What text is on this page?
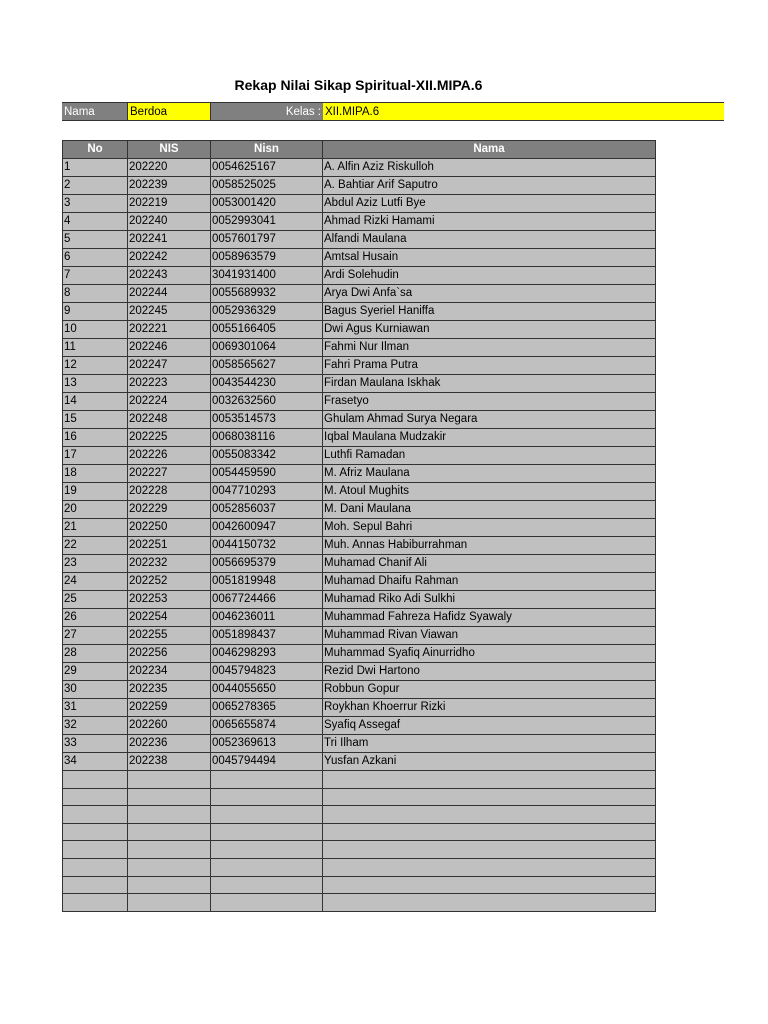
Rekap Nilai Sikap Spiritual-XII.MIPA.6
Nama	Berdoa	Kelas : XII.MIPA.6
No	NIS	Nisn	Nama
1	202220	0054625167	A. Alfin Aziz Riskulloh
2	202239	0058525025	A. Bahtiar Arif Saputro
3	202219	0053001420	Abdul Aziz Lutfi Bye
4	202240	0052993041	Ahmad Rizki Hamami
5	202241	0057601797	Alfandi Maulana
6	202242	0058963579	Amtsal Husain
7	202243	3041931400	Ardi Solehudin
8	202244	0055689932	Arya Dwi Anfa`sa
9	202245	0052936329	Bagus Syeriel Haniffa
10	202221	0055166405	Dwi Agus Kurniawan
11	202246	0069301064	Fahmi Nur Ilman
12	202247	0058565627	Fahri Prama Putra
13	202223	0043544230	Firdan Maulana Iskhak
14	202224	0032632560	Frasetyo
15	202248	0053514573	Ghulam Ahmad Surya Negara
16	202225	0068038116	Iqbal Maulana Mudzakir
17	202226	0055083342	Luthfi Ramadan
18	202227	0054459590	M. Afriz Maulana
19	202228	0047710293	M. Atoul Mughits
20	202229	0052856037	M. Dani Maulana
21	202250	0042600947	Moh. Sepul Bahri
22	202251	0044150732	Muh. Annas Habiburrahman
23	202232	0056695379	Muhamad Chanif Ali
24	202252	0051819948	Muhamad Dhaifu Rahman
25	202253	0067724466	Muhamad Riko Adi Sulkhi
26	202254	0046236011	Muhammad Fahreza Hafidz Syawaly
27	202255	0051898437	Muhammad Rivan Viawan
28	202256	0046298293	Muhammad Syafiq Ainurridho
29	202234	0045794823	Rezid Dwi Hartono
30	202235	0044055650	Robbun Gopur
31	202259	0065278365	Roykhan Khoerrur Rizki
32	202260	0065655874	Syafiq Assegaf
33	202236	0052369613	Tri Ilham
34	202238	0045794494	Yusfan Azkani
